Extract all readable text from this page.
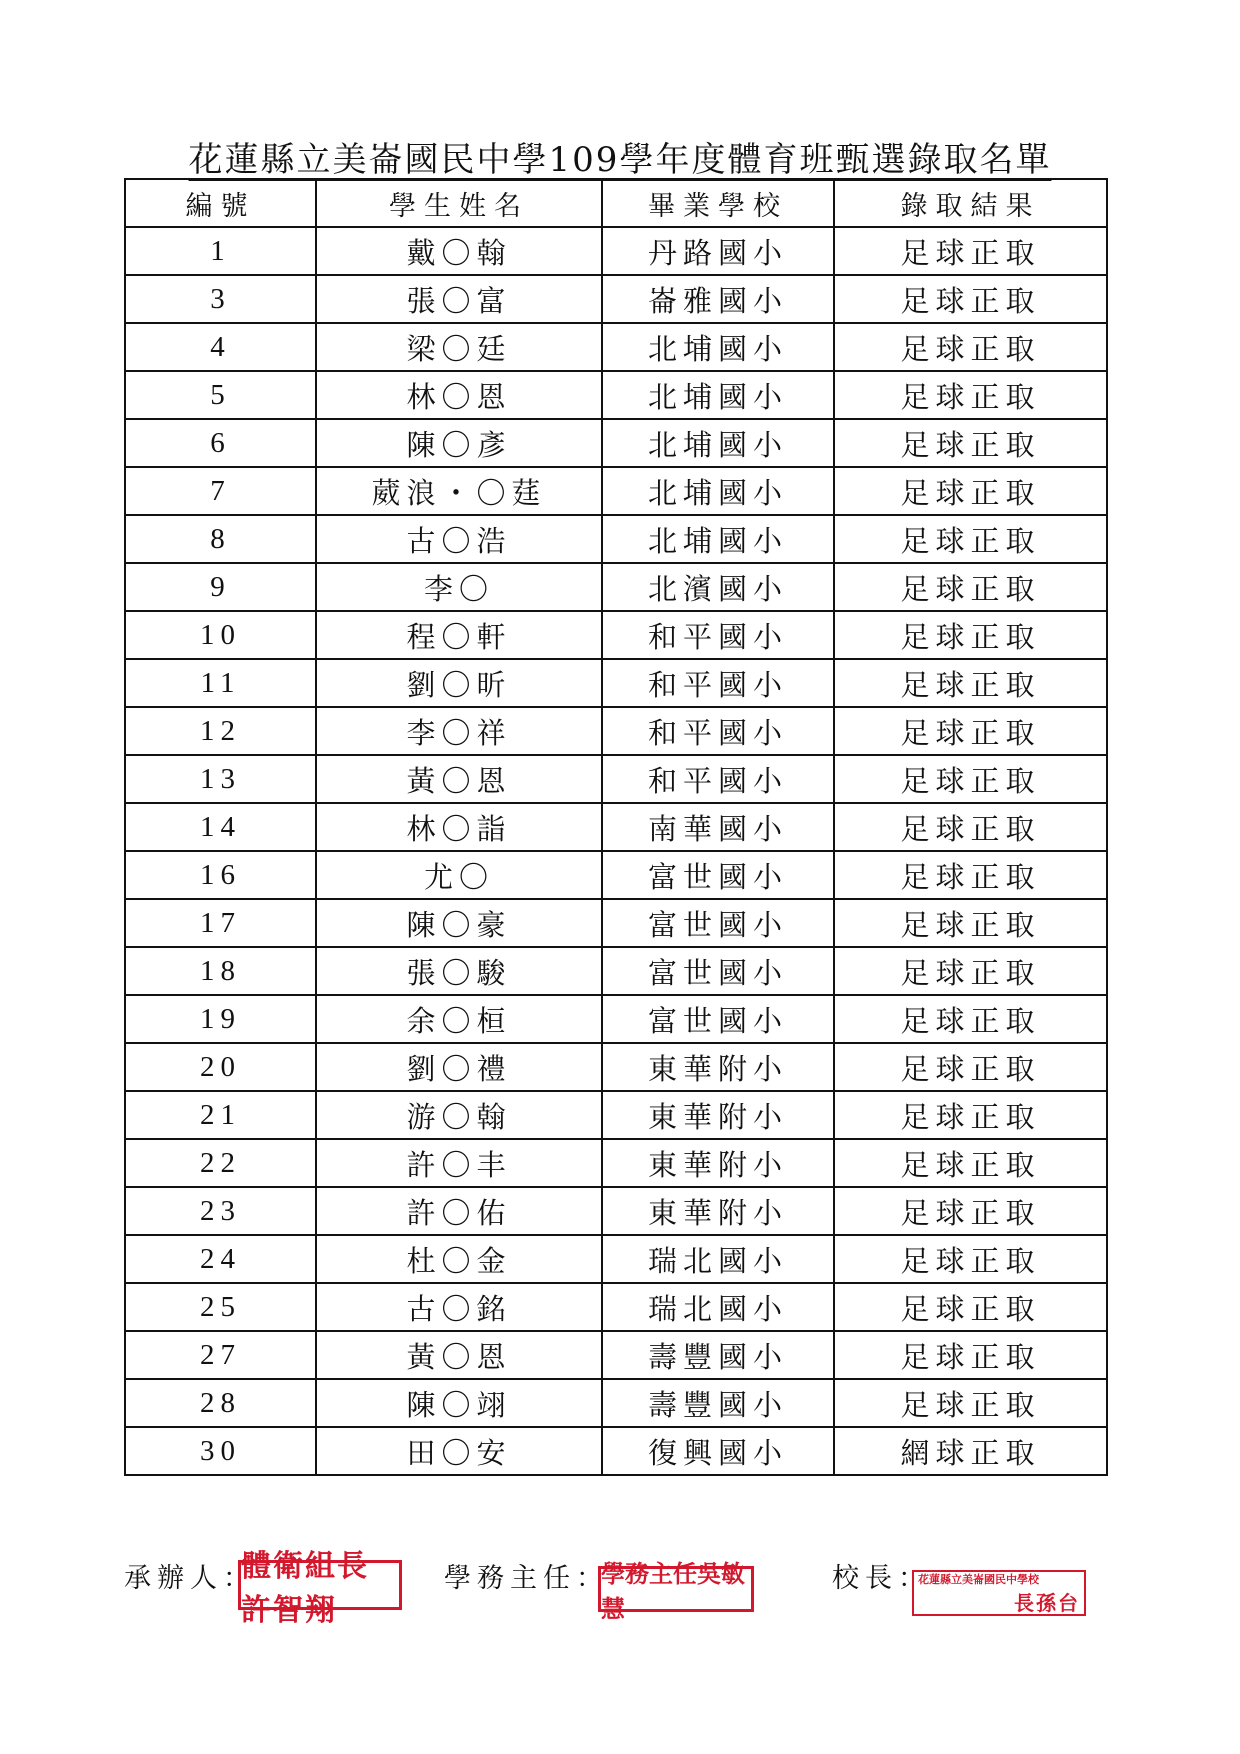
花蓮縣立美崙國民中學109學年度體育班甄選錄取名單
編號	學生姓名	畢業學校	錄取結果
1	戴〇翰	丹路國小	足球正取
3	張〇富	崙雅國小	足球正取
4	梁〇廷	北埔國小	足球正取
5	林〇恩	北埔國小	足球正取
6	陳〇彥	北埔國小	足球正取
7	葳浪・〇莛	北埔國小	足球正取
8	古〇浩	北埔國小	足球正取
9	李〇	北濱國小	足球正取
10	程〇軒	和平國小	足球正取
11	劉〇昕	和平國小	足球正取
12	李〇祥	和平國小	足球正取
13	黃〇恩	和平國小	足球正取
14	林〇詣	南華國小	足球正取
16	尤〇	富世國小	足球正取
17	陳〇豪	富世國小	足球正取
18	張〇駿	富世國小	足球正取
19	余〇桓	富世國小	足球正取
20	劉〇禮	東華附小	足球正取
21	游〇翰	東華附小	足球正取
22	許〇丰	東華附小	足球正取
23	許〇佑	東華附小	足球正取
24	杜〇金	瑞北國小	足球正取
25	古〇銘	瑞北國小	足球正取
27	黃〇恩	壽豐國小	足球正取
28	陳〇翊	壽豐國小	足球正取
30	田〇安	復興國小	網球正取
承辦人：
體衛組長 許智翔
學務主任：
學務主任吳敏慧
校長：
花蓮縣立美崙國民中學校
長孫台
